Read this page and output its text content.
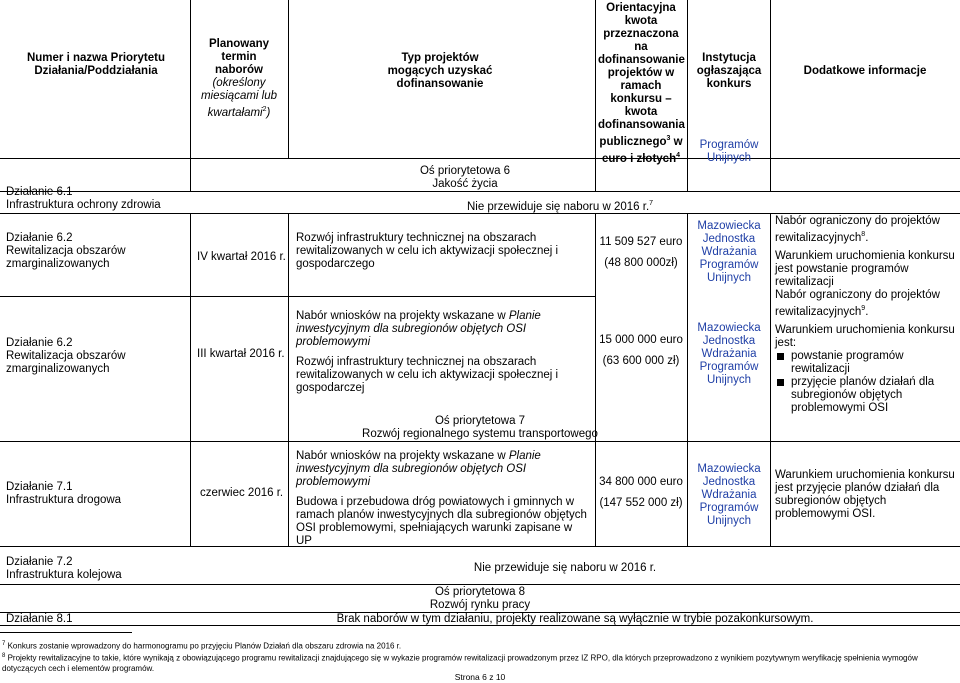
Numer i nazwa Priorytetu Działania/Poddziałania
Planowany termin naborów
(określony miesiącami lub kwartałami$^2$)
Typ projektów mogących uzyskać dofinansowanie
Orientacyjna kwota przeznaczona na dofinansowanie projektów w ramach konkursu – kwota dofinansowania publicznego$^3$ w euro i złotych$^4$
Instytucja ogłaszająca konkurs
Dodatkowe informacje
Oś priorytetowa 6
Jakość życia
Programów
Unijnych
Działanie 6.1
Infrastruktura ochrony zdrowia	Nie przewiduje się naboru w 2016 r.$^7$
Działanie 6.2
Rewitalizacja obszarów zmarginalizowanych
IV kwartał 2016 r.
Rozwój infrastruktury technicznej na obszarach rewitalizowanych w celu ich aktywizacji społecznej i gospodarczego
11 509 527 euro
(48 800 000zł)
Mazowiecka
Jednostka
Wdrażania
Programów
Unijnych
Nabór ograniczony do projektów rewitalizacyjnych$^8$.
Warunkiem uruchomienia konkursu jest powstanie programów rewitalizacji
Działanie 6.2
Rewitalizacja obszarów zmarginalizowanych
III kwartał 2016 r.
Nabór wniosków na projekty wskazane w Planie inwestycyjnym dla subregionów objętych OSI problemowymi
Rozwój infrastruktury technicznej na obszarach rewitalizowanych w celu ich aktywizacji społecznej i gospodarczej
15 000 000 euro
(63 600 000 zł)
Mazowiecka
Jednostka
Wdrażania
Programów
Unijnych
Nabór ograniczony do projektów rewitalizacyjnych$^9$.
Warunkiem uruchomienia konkursu jest:
powstanie programów rewitalizacji
przyjęcie planów działań dla subregionów objętych problemowymi OSI
Oś priorytetowa 7
Rozwój regionalnego systemu transportowego
Działanie 7.1
Infrastruktura drogowa
czerwiec 2016 r.
Nabór wniosków na projekty wskazane w Planie inwestycyjnym dla subregionów objętych OSI problemowymi
Budowa i przebudowa dróg powiatowych i gminnych w ramach planów inwestycyjnych dla subregionów objętych OSI problemowymi, spełniających warunki zapisane w UP
34 800 000 euro
(147 552 000 zł)
Mazowiecka
Jednostka
Wdrażania
Programów
Unijnych
Warunkiem uruchomienia konkursu jest przyjęcie planów działań dla subregionów objętych problemowymi OSI.
Działanie 7.2
Infrastruktura kolejowa
Nie przewiduje się naboru w 2016 r.
Oś priorytetowa 8
Rozwój rynku pracy
Działanie 8.1	Brak naborów w tym działaniu, projekty realizowane są wyłącznie w trybie pozakonkursowym.
$^7$ Konkurs zostanie wprowadzony do harmonogramu po przyjęciu Planów Działań dla obszaru zdrowia na 2016 r.
$^8$ Projekty rewitalizacyjne to takie, które wynikają z obowiązującego programu rewitalizacji znajdującego się w wykazie programów rewitalizacji prowadzonym przez IZ RPO, dla których przeprowadzono z wynikiem pozytywnym weryfikację spełnienia wymogów dotyczących cech i elementów programów.
Strona 6 z 10
